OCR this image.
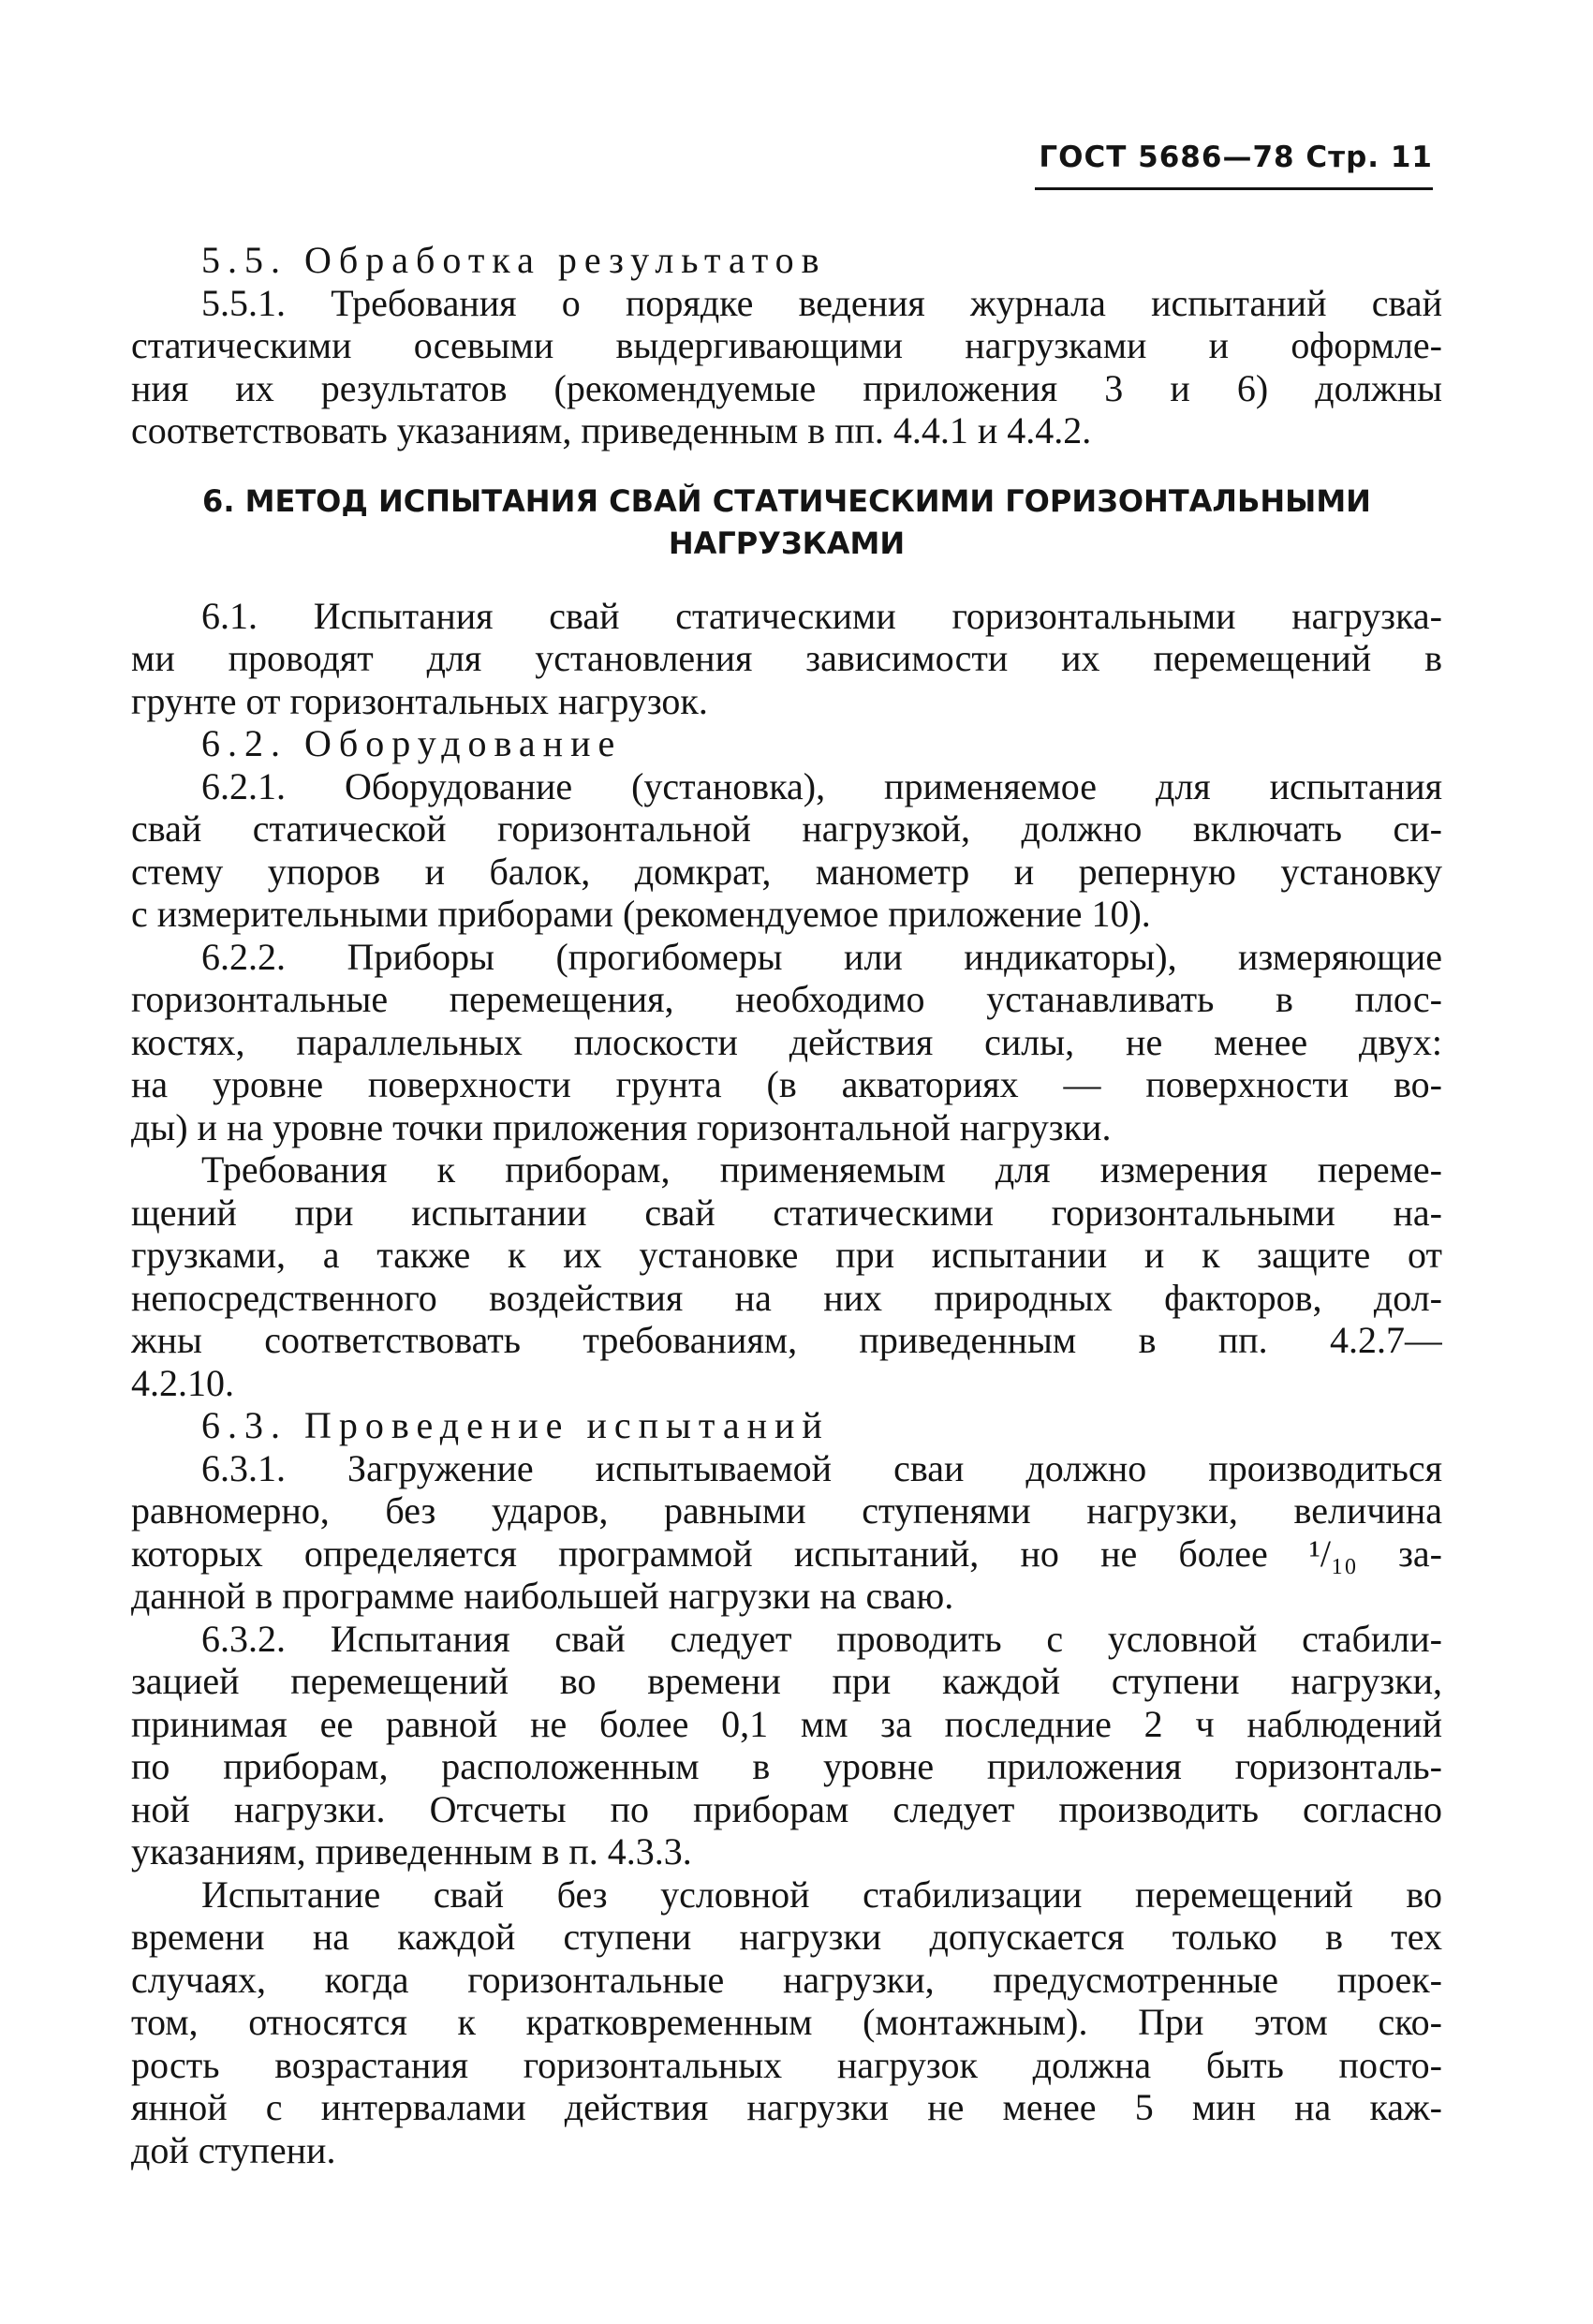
ГОСТ 5686—78 Стр. 11
5.5. Обработка результатов
5.5.1. Требования о порядке ведения журнала испытаний свай
статическими осевыми выдергивающими нагрузками и оформле-
ния их результатов (рекомендуемые приложения 3 и 6) должны
соответствовать указаниям, приведенным в пп. 4.4.1 и 4.4.2.
6. МЕТОД ИСПЫТАНИЯ СВАЙ СТАТИЧЕСКИМИ ГОРИЗОНТАЛЬНЫМИ
НАГРУЗКАМИ
6.1. Испытания свай статическими горизонтальными нагрузка-
ми проводят для установления зависимости их перемещений в
грунте от горизонтальных нагрузок.
6.2. Оборудование
6.2.1. Оборудование (установка), применяемое для испытания
свай статической горизонтальной нагрузкой, должно включать си-
стему упоров и балок, домкрат, манометр и реперную установку
с измерительными приборами (рекомендуемое приложение 10).
6.2.2. Приборы (прогибомеры или индикаторы), измеряющие
горизонтальные перемещения, необходимо устанавливать в плос-
костях, параллельных плоскости действия силы, не менее двух:
на уровне поверхности грунта (в акваториях — поверхности во-
ды) и на уровне точки приложения горизонтальной нагрузки.
Требования к приборам, применяемым для измерения переме-
щений при испытании свай статическими горизонтальными на-
грузками, а также к их установке при испытании и к защите от
непосредственного воздействия на них природных факторов, дол-
жны соответствовать требованиям, приведенным в пп. 4.2.7—
4.2.10.
6.3. Проведение испытаний
6.3.1. Загружение испытываемой сваи должно производиться
равномерно, без ударов, равными ступенями нагрузки, величина
которых определяется программой испытаний, но не более ¹/₁₀ за-
данной в программе наибольшей нагрузки на сваю.
6.3.2. Испытания свай следует проводить с условной стабили-
зацией перемещений во времени при каждой ступени нагрузки,
принимая ее равной не более 0,1 мм за последние 2 ч наблюдений
по приборам, расположенным в уровне приложения горизонталь-
ной нагрузки. Отсчеты по приборам следует производить согласно
указаниям, приведенным в п. 4.3.3.
Испытание свай без условной стабилизации перемещений во
времени на каждой ступени нагрузки допускается только в тех
случаях, когда горизонтальные нагрузки, предусмотренные проек-
том, относятся к кратковременным (монтажным). При этом ско-
рость возрастания горизонтальных нагрузок должна быть посто-
янной с интервалами действия нагрузки не менее 5 мин на каж-
дой ступени.
